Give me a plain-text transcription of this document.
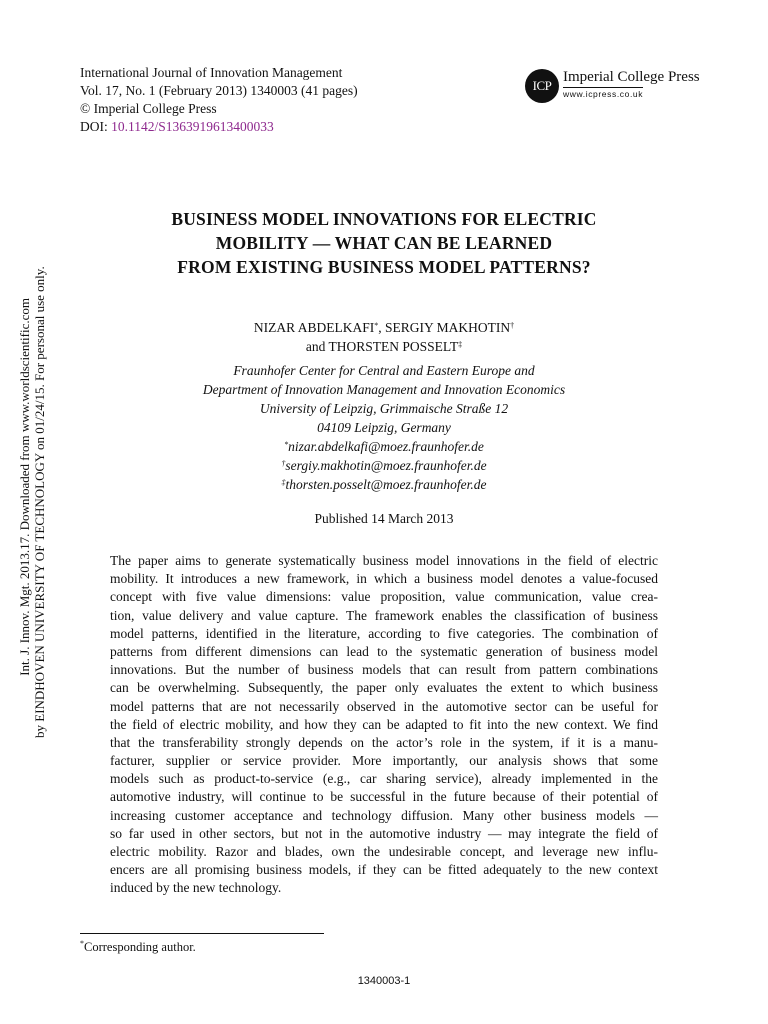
International Journal of Innovation Management
Vol. 17, No. 1 (February 2013) 1340003 (41 pages)
© Imperial College Press
DOI: 10.1142/S1363919613400033
ICP
Imperial College Press
www.icpress.co.uk
Int. J. Innov. Mgt. 2013.17. Downloaded from www.worldscientific.com by EINDHOVEN UNIVERSITY OF TECHNOLOGY on 01/24/15. For personal use only.
BUSINESS MODEL INNOVATIONS FOR ELECTRIC
MOBILITY — WHAT CAN BE LEARNED
FROM EXISTING BUSINESS MODEL PATTERNS?
NIZAR ABDELKAFI*, SERGIY MAKHOTIN†
and THORSTEN POSSELT‡
Fraunhofer Center for Central and Eastern Europe and
Department of Innovation Management and Innovation Economics
University of Leipzig, Grimmaische Straße 12
04109 Leipzig, Germany
*nizar.abdelkafi@moez.fraunhofer.de
†sergiy.makhotin@moez.fraunhofer.de
‡thorsten.posselt@moez.fraunhofer.de
Published 14 March 2013
The paper aims to generate systematically business model innovations in the field of electric
mobility. It introduces a new framework, in which a business model denotes a value-focused
concept with five value dimensions: value proposition, value communication, value crea-
tion, value delivery and value capture. The framework enables the classification of business
model patterns, identified in the literature, according to five categories. The combination of
patterns from different dimensions can lead to the systematic generation of business model
innovations. But the number of business models that can result from pattern combinations
can be overwhelming. Subsequently, the paper only evaluates the extent to which business
model patterns that are not necessarily observed in the automotive sector can be useful for
the field of electric mobility, and how they can be adapted to fit into the new context. We find
that the transferability strongly depends on the actor’s role in the system, if it is a manu-
facturer, supplier or service provider. More importantly, our analysis shows that some
models such as product-to-service (e.g., car sharing service), already implemented in the
automotive industry, will continue to be successful in the future because of their potential of
increasing customer acceptance and technology diffusion. Many other business models —
so far used in other sectors, but not in the automotive industry — may integrate the field of
electric mobility. Razor and blades, own the undesirable concept, and leverage new influ-
encers are all promising business models, if they can be fitted adequately to the new context
induced by the new technology.
*Corresponding author.
1340003-1
